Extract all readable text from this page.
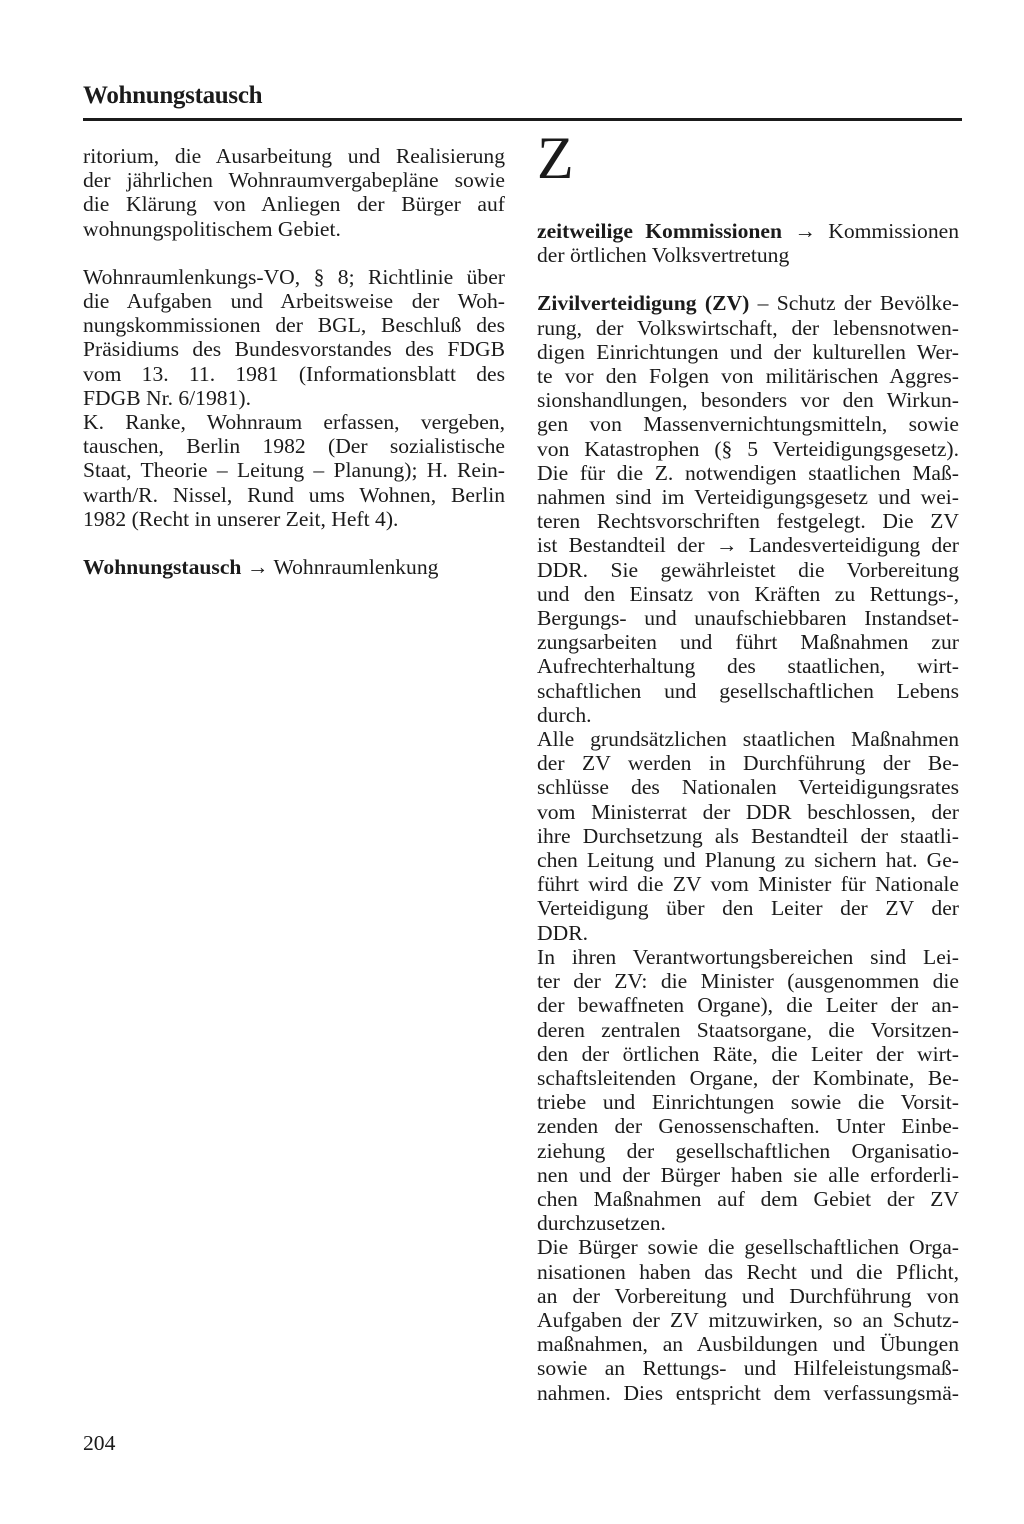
Wohnungstausch
ritorium, die Ausarbeitung und Realisierung
der jährlichen Wohnraumvergabepläne sowie
die Klärung von Anliegen der Bürger auf
wohnungspolitischem Gebiet.
Wohnraumlenkungs-VO, § 8; Richtlinie über
die Aufgaben und Arbeitsweise der Woh-
nungskommissionen der BGL, Beschluß des
Präsidiums des Bundesvorstandes des FDGB
vom 13. 11. 1981 (Informationsblatt des
FDGB Nr. 6/1981).
K. Ranke, Wohnraum erfassen, vergeben,
tauschen, Berlin 1982 (Der sozialistische
Staat, Theorie – Leitung – Planung); H. Rein-
warth/R. Nissel, Rund ums Wohnen, Berlin
1982 (Recht in unserer Zeit, Heft 4).
Wohnungstausch → Wohnraumlenkung
Z
zeitweilige Kommissionen → Kommissionen
der örtlichen Volksvertretung
Zivilverteidigung (ZV) – Schutz der Bevölke-
rung, der Volkswirtschaft, der lebensnotwen-
digen Einrichtungen und der kulturellen Wer-
te vor den Folgen von militärischen Aggres-
sionshandlungen, besonders vor den Wirkun-
gen von Massenvernichtungsmitteln, sowie
von Katastrophen (§ 5 Verteidigungsgesetz).
Die für die Z. notwendigen staatlichen Maß-
nahmen sind im Verteidigungsgesetz und wei-
teren Rechtsvorschriften festgelegt. Die ZV
ist Bestandteil der → Landesverteidigung der
DDR. Sie gewährleistet die Vorbereitung
und den Einsatz von Kräften zu Rettungs-,
Bergungs- und unaufschiebbaren Instandset-
zungsarbeiten und führt Maßnahmen zur
Aufrechterhaltung des staatlichen, wirt-
schaftlichen und gesellschaftlichen Lebens
durch.
Alle grundsätzlichen staatlichen Maßnahmen
der ZV werden in Durchführung der Be-
schlüsse des Nationalen Verteidigungsrates
vom Ministerrat der DDR beschlossen, der
ihre Durchsetzung als Bestandteil der staatli-
chen Leitung und Planung zu sichern hat. Ge-
führt wird die ZV vom Minister für Nationale
Verteidigung über den Leiter der ZV der
DDR.
In ihren Verantwortungsbereichen sind Lei-
ter der ZV: die Minister (ausgenommen die
der bewaffneten Organe), die Leiter der an-
deren zentralen Staatsorgane, die Vorsitzen-
den der örtlichen Räte, die Leiter der wirt-
schaftsleitenden Organe, der Kombinate, Be-
triebe und Einrichtungen sowie die Vorsit-
zenden der Genossenschaften. Unter Einbe-
ziehung der gesellschaftlichen Organisatio-
nen und der Bürger haben sie alle erforderli-
chen Maßnahmen auf dem Gebiet der ZV
durchzusetzen.
Die Bürger sowie die gesellschaftlichen Orga-
nisationen haben das Recht und die Pflicht,
an der Vorbereitung und Durchführung von
Aufgaben der ZV mitzuwirken, so an Schutz-
maßnahmen, an Ausbildungen und Übungen
sowie an Rettungs- und Hilfeleistungsmaß-
nahmen. Dies entspricht dem verfassungsmä-
204
